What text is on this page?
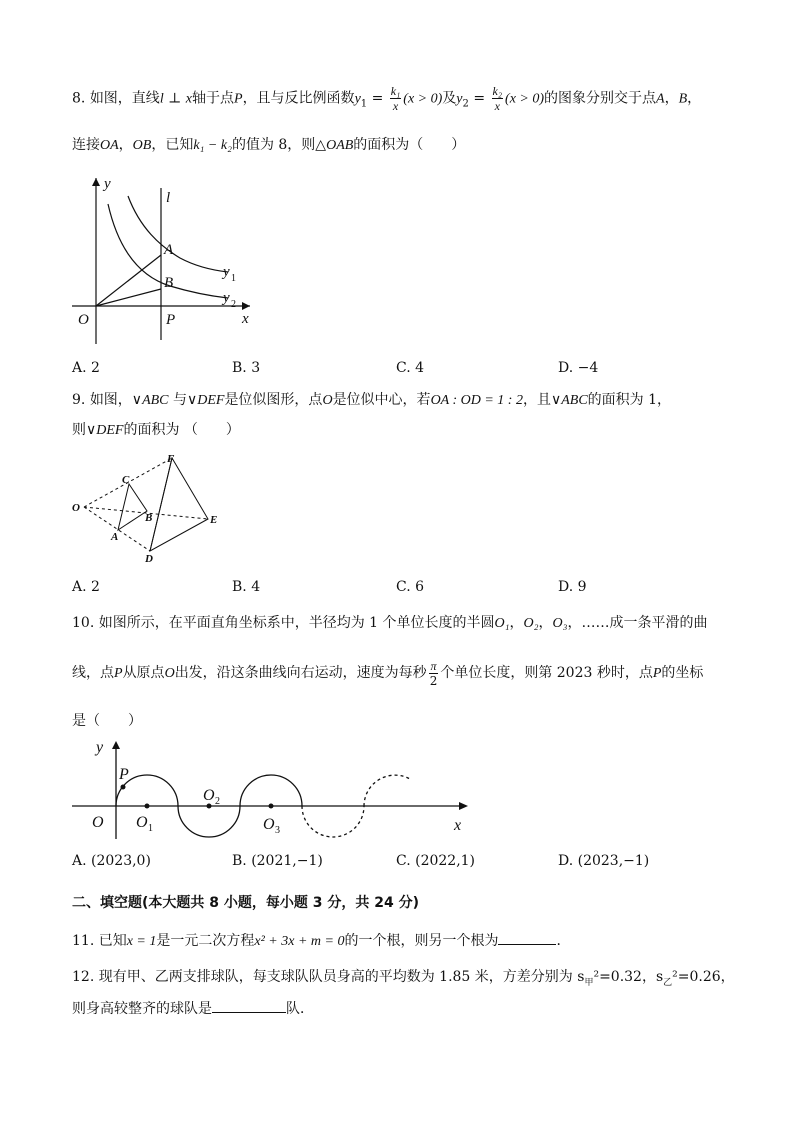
8. 如图，直线l ⊥ x轴于点P，且与反比例函数$y_1 = \frac{\text{k₁}}{x} (x > 0)$及$y_2 = \frac{\text{k₂}}{x} (x > 0)$的图象分别交于点A，B，
连接OA，OB，已知k₁ − k₂的值为 8，则△OAB的面积为（　　）
y
x
O
l
A
B
P
y 1
y 2
A. 2	B. 3	C. 4	D. −4
9. 如图，∨ABC 与∨DEF是位似图形，点O是位似中心，若OA : OD = 1 : 2，且∨ABC的面积为 1，
则∨DEF的面积为 （　　）
O
C
B
A
F
E
D
A. 2	B. 4	C. 6	D. 9
10. 如图所示，在平面直角坐标系中，半径均为 1 个单位长度的半圆O₁，O₂，O₃，……成一条平滑的曲
线，点P从原点O出发，沿这条曲线向右运动，速度为每秒 $\frac{\pi}{2}$ 个单位长度，则第 2023 秒时，点P的坐标
是（　　）
y
x
O
P
O 1
O 2
O 3
A. (2023,0)	B. (2021,−1)	C. (2022,1)	D. (2023,−1)
二、填空题(本大题共 8 小题，每小题 3 分，共 24 分)
11. 已知x = 1是一元二次方程x² + 3x + m = 0的一个根，则另一个根为	．
12. 现有甲、乙两支排球队，每支球队队员身高的平均数为 1.85 米，方差分别为 $s_甲^2=0.32$，$s_乙^2=0.26$，
则身高较整齐的球队是	队．
